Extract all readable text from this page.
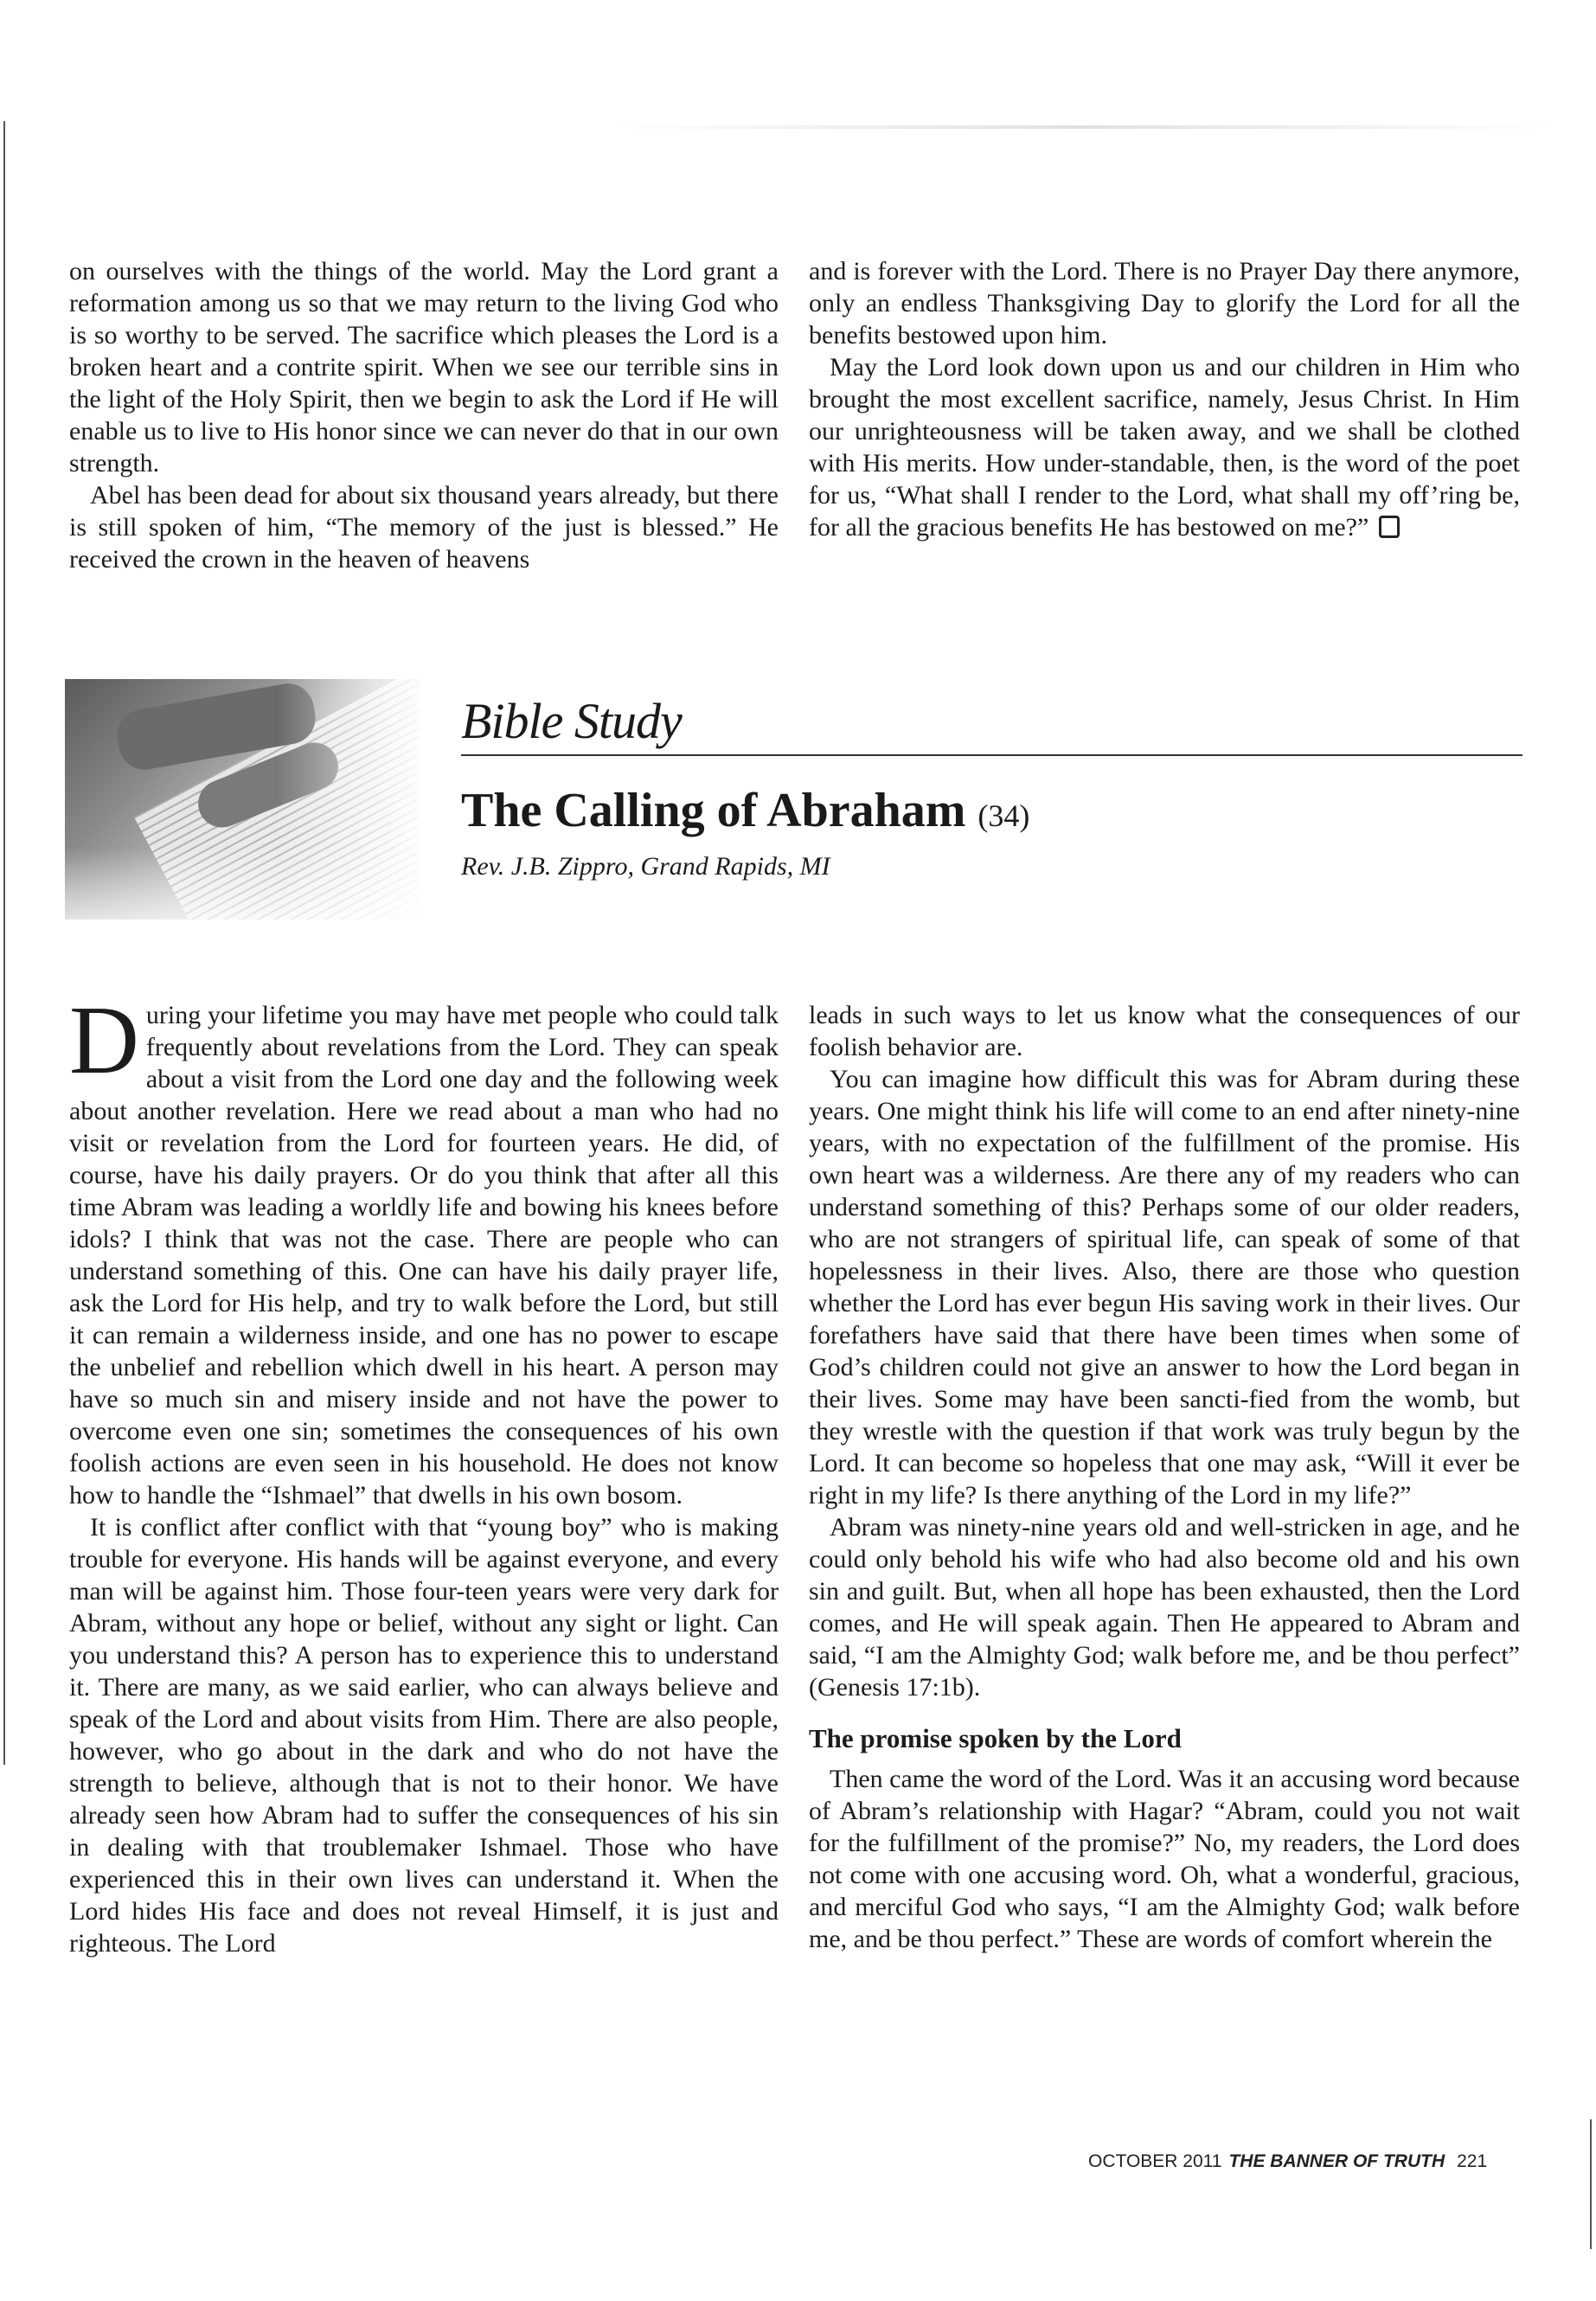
on ourselves with the things of the world. May the Lord grant a reformation among us so that we may return to the living God who is so worthy to be served. The sacrifice which pleases the Lord is a broken heart and a contrite spirit. When we see our terrible sins in the light of the Holy Spirit, then we begin to ask the Lord if He will enable us to live to His honor since we can never do that in our own strength.

Abel has been dead for about six thousand years already, but there is still spoken of him, “The memory of the just is blessed.” He received the crown in the heaven of heavens

and is forever with the Lord. There is no Prayer Day there anymore, only an endless Thanksgiving Day to glorify the Lord for all the benefits bestowed upon him.

May the Lord look down upon us and our children in Him who brought the most excellent sacrifice, namely, Jesus Christ. In Him our unrighteousness will be taken away, and we shall be clothed with His merits. How under-standable, then, is the word of the poet for us, “What shall I render to the Lord, what shall my off’ring be, for all the gracious benefits He has bestowed on me?”

Bible Study
The Calling of Abraham (34)
Rev. J.B. Zippro, Grand Rapids, MI

During your lifetime you may have met people who could talk frequently about revelations from the Lord. They can speak about a visit from the Lord one day and the following week about another revelation. Here we read about a man who had no visit or revelation from the Lord for fourteen years. He did, of course, have his daily prayers. Or do you think that after all this time Abram was leading a worldly life and bowing his knees before idols? I think that was not the case. There are people who can understand something of this. One can have his daily prayer life, ask the Lord for His help, and try to walk before the Lord, but still it can remain a wilderness inside, and one has no power to escape the unbelief and rebellion which dwell in his heart. A person may have so much sin and misery inside and not have the power to overcome even one sin; sometimes the consequences of his own foolish actions are even seen in his household. He does not know how to handle the “Ishmael” that dwells in his own bosom.

It is conflict after conflict with that “young boy” who is making trouble for everyone. His hands will be against everyone, and every man will be against him. Those four-teen years were very dark for Abram, without any hope or belief, without any sight or light. Can you understand this? A person has to experience this to understand it. There are many, as we said earlier, who can always believe and speak of the Lord and about visits from Him. There are also people, however, who go about in the dark and who do not have the strength to believe, although that is not to their honor. We have already seen how Abram had to suffer the consequences of his sin in dealing with that troublemaker Ishmael. Those who have experienced this in their own lives can understand it. When the Lord hides His face and does not reveal Himself, it is just and righteous. The Lord

leads in such ways to let us know what the consequences of our foolish behavior are.

You can imagine how difficult this was for Abram during these years. One might think his life will come to an end after ninety-nine years, with no expectation of the fulfillment of the promise. His own heart was a wilderness. Are there any of my readers who can understand something of this? Perhaps some of our older readers, who are not strangers of spiritual life, can speak of some of that hopelessness in their lives. Also, there are those who question whether the Lord has ever begun His saving work in their lives. Our forefathers have said that there have been times when some of God’s children could not give an answer to how the Lord began in their lives. Some may have been sancti-fied from the womb, but they wrestle with the question if that work was truly begun by the Lord. It can become so hopeless that one may ask, “Will it ever be right in my life? Is there anything of the Lord in my life?”

Abram was ninety-nine years old and well-stricken in age, and he could only behold his wife who had also become old and his own sin and guilt. But, when all hope has been exhausted, then the Lord comes, and He will speak again. Then He appeared to Abram and said, “I am the Almighty God; walk before me, and be thou perfect” (Genesis 17:1b).

The promise spoken by the Lord

Then came the word of the Lord. Was it an accusing word because of Abram’s relationship with Hagar? “Abram, could you not wait for the fulfillment of the promise?” No, my readers, the Lord does not come with one accusing word. Oh, what a wonderful, gracious, and merciful God who says, “I am the Almighty God; walk before me, and be thou perfect.” These are words of comfort wherein the

OCTOBER 2011 THE BANNER OF TRUTH 221
